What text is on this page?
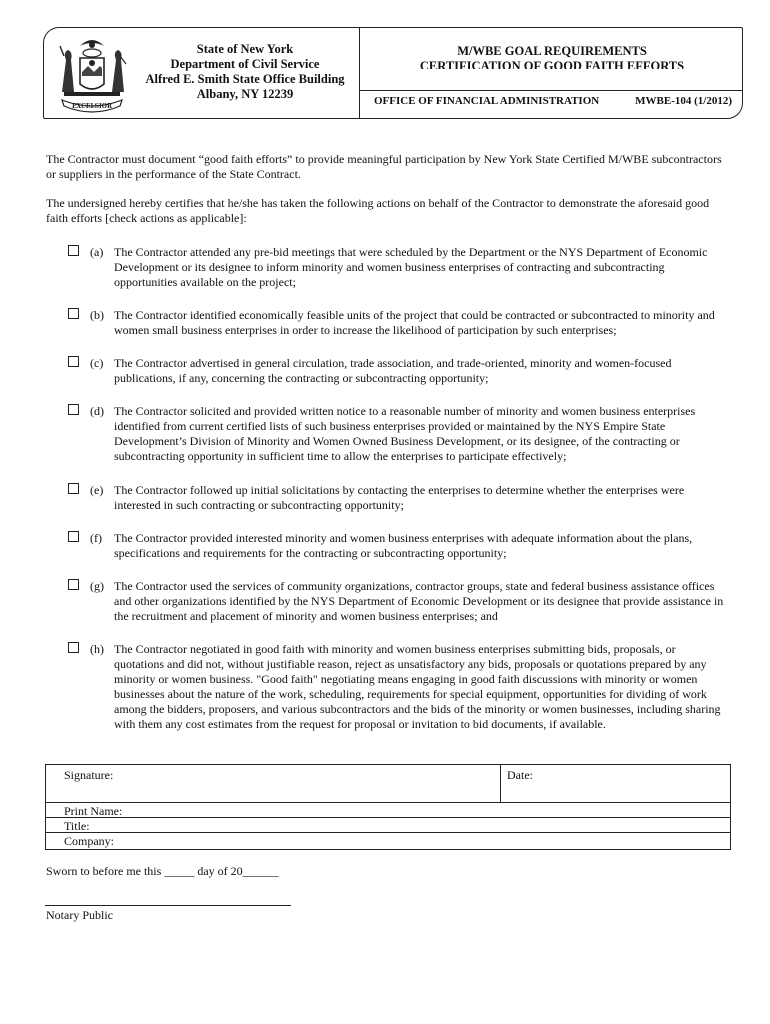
EXCELSIOR
State of New York
Department of Civil Service
Alfred E. Smith State Office Building
Albany, NY 12239
M/WBE GOAL REQUIREMENTS
CERTIFICATION OF GOOD FAITH EFFORTS
OFFICE OF FINANCIAL ADMINISTRATION	MWBE-104 (1/2012)
The Contractor must document “good faith efforts” to provide meaningful participation by New York State Certified M/WBE subcontractors or suppliers in the performance of the State Contract.
The undersigned hereby certifies that he/she has taken the following actions on behalf of the Contractor to demonstrate the aforesaid good faith efforts [check actions as applicable]:
(a) The Contractor attended any pre-bid meetings that were scheduled by the Department or the NYS Department of Economic Development or its designee to inform minority and women business enterprises of contracting and subcontracting opportunities available on the project;
(b) The Contractor identified economically feasible units of the project that could be contracted or subcontracted to minority and women small business enterprises in order to increase the likelihood of participation by such enterprises;
(c) The Contractor advertised in general circulation, trade association, and trade-oriented, minority and women-focused publications, if any, concerning the contracting or subcontracting opportunity;
(d) The Contractor solicited and provided written notice to a reasonable number of minority and women business enterprises identified from current certified lists of such business enterprises provided or maintained by the NYS Empire State Development’s Division of Minority and Women Owned Business Development, or its designee, of the contracting or subcontracting opportunity in sufficient time to allow the enterprises to participate effectively;
(e) The Contractor followed up initial solicitations by contacting the enterprises to determine whether the enterprises were interested in such contracting or subcontracting opportunity;
(f) The Contractor provided interested minority and women business enterprises with adequate information about the plans, specifications and requirements for the contracting or subcontracting opportunity;
(g) The Contractor used the services of community organizations, contractor groups, state and federal business assistance offices and other organizations identified by the NYS Department of Economic Development or its designee that provide assistance in the recruitment and placement of minority and women business enterprises; and
(h) The Contractor negotiated in good faith with minority and women business enterprises submitting bids, proposals, or quotations and did not, without justifiable reason, reject as unsatisfactory any bids, proposals or quotations prepared by any minority or women business. "Good faith" negotiating means engaging in good faith discussions with minority or women businesses about the nature of the work, scheduling, requirements for special equipment, opportunities for dividing of work among the bidders, proposers, and various subcontractors and the bids of the minority or women businesses, including sharing with them any cost estimates from the request for proposal or invitation to bid documents, if available.
Signature:	Date:
Print Name:
Title:
Company:
Sworn to before me this _____ day of 20______
Notary Public
